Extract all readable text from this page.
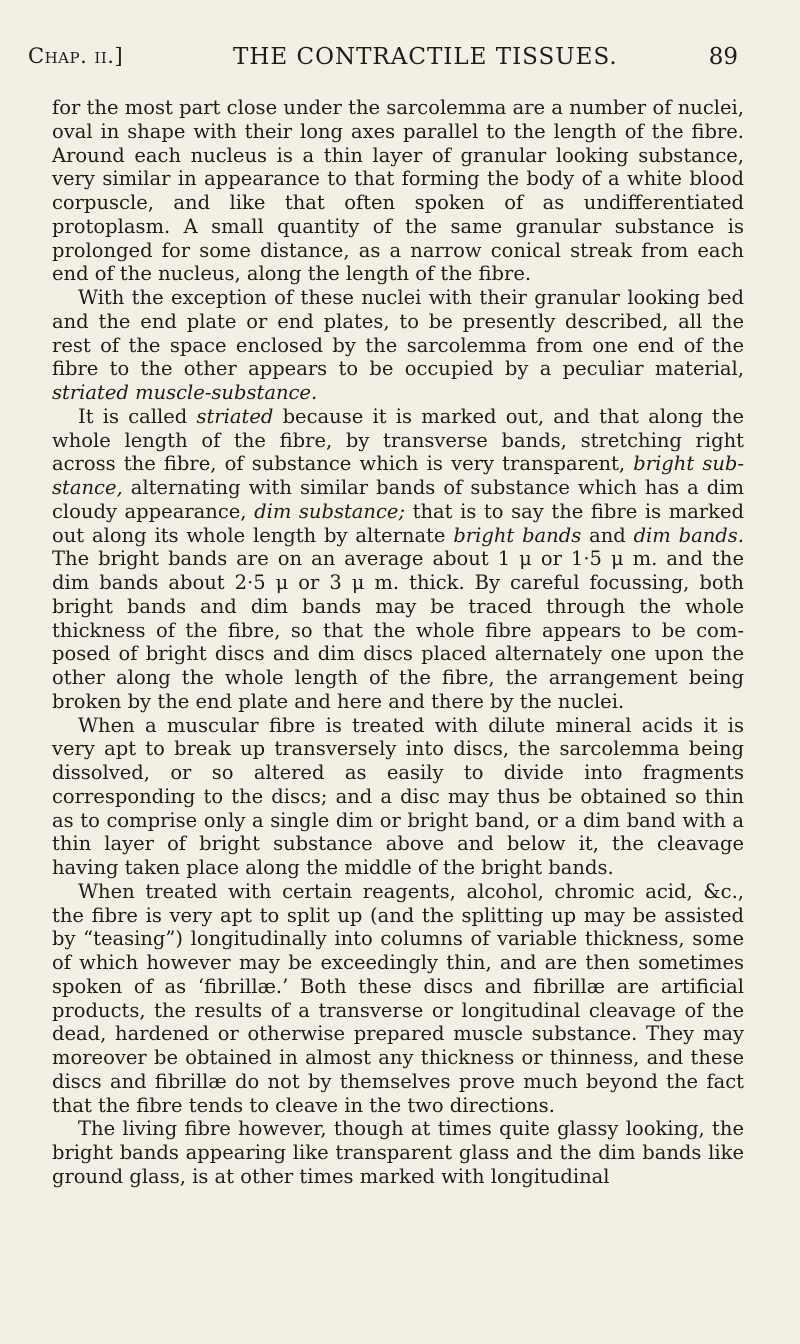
Chap. ii.]	THE CONTRACTILE TISSUES.	89

for the most part close under the sarcolemma are a number of nuclei, oval in shape with their long axes parallel to the length of the fibre. Around each nucleus is a thin layer of granular looking substance, very similar in appearance to that forming the body of a white blood corpuscle, and like that often spoken of as undifferentiated protoplasm. A small quantity of the same granular substance is prolonged for some distance, as a narrow conical streak from each end of the nucleus, along the length of the fibre.

With the exception of these nuclei with their granular looking bed and the end plate or end plates, to be presently described, all the rest of the space enclosed by the sarcolemma from one end of the fibre to the other appears to be occupied by a peculiar material, striated muscle-substance.

It is called striated because it is marked out, and that along the whole length of the fibre, by transverse bands, stretching right across the fibre, of substance which is very transparent, bright substance, alternating with similar bands of substance which has a dim cloudy appearance, dim substance; that is to say the fibre is marked out along its whole length by alternate bright bands and dim bands. The bright bands are on an average about 1 μ or 1·5 μ m. and the dim bands about 2·5 μ or 3 μ m. thick. By careful focussing, both bright bands and dim bands may be traced through the whole thickness of the fibre, so that the whole fibre appears to be composed of bright discs and dim discs placed alternately one upon the other along the whole length of the fibre, the arrangement being broken by the end plate and here and there by the nuclei.

When a muscular fibre is treated with dilute mineral acids it is very apt to break up transversely into discs, the sarcolemma being dissolved, or so altered as easily to divide into fragments corresponding to the discs; and a disc may thus be obtained so thin as to comprise only a single dim or bright band, or a dim band with a thin layer of bright substance above and below it, the cleavage having taken place along the middle of the bright bands.

When treated with certain reagents, alcohol, chromic acid, &c., the fibre is very apt to split up (and the splitting up may be assisted by “teasing”) longitudinally into columns of variable thickness, some of which however may be exceedingly thin, and are then sometimes spoken of as ‘fibrillæ.’ Both these discs and fibrillæ are artificial products, the results of a transverse or longitudinal cleavage of the dead, hardened or otherwise prepared muscle substance. They may moreover be obtained in almost any thickness or thinness, and these discs and fibrillæ do not by themselves prove much beyond the fact that the fibre tends to cleave in the two directions.

The living fibre however, though at times quite glassy looking, the bright bands appearing like transparent glass and the dim bands like ground glass, is at other times marked with longitudinal
